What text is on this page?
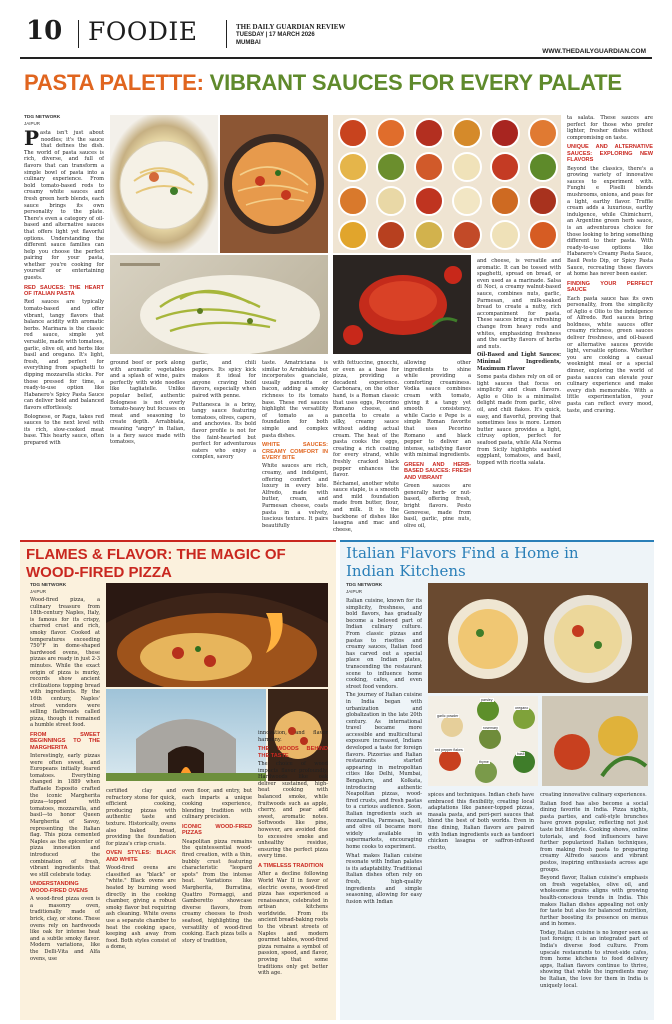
10 FOODIE	THE DAILY GUARDIAN REVIEW
TUESDAY | 17 MARCH 2026
MUMBAI
WWW.THEDAILYGUARDIAN.COM
PASTA PALETTE: VIBRANT SAUCES FOR EVERY PALATE
TDG NETWORK
JAIPUR
P asta isn't just about noodles; it's the sauce that defines the dish. The world of pasta sauces is rich, diverse, and full of flavors that can transform a simple bowl of pasta into a culinary experience. From bold tomato-based reds to creamy white sauces and fresh green herb blends, each sauce brings its own personality to the plate. There's even a category of oil-based and alternative sauces that offers light yet flavorful options. Understanding the different sauce families can help you choose the perfect pairing for your pasta, whether you're cooking for yourself or entertaining guests.

RED SAUCES: THE HEART OF ITALIAN PASTA

Red sauces are typically tomato-based and offer vibrant, tangy flavors that balance acidity with aromatic herbs. Marinara is the classic red sauce, simple yet versatile, made with tomatoes, garlic, olive oil, and herbs like basil and oregano. It's light, fresh, and perfect for everything from spaghetti to dipping mozzarella sticks. For those pressed for time, a ready-to-use option like Habanero's Spicy Pasta Sauce can deliver bold and balanced flavors effortlessly.

Bolognese, or Ragu, takes red sauces to the next level with its rich, slow-cooked meat base. This hearty sauce, often prepared with

ground beef or pork along with aromatic vegetables and a splash of wine, pairs perfectly with wide noodles like tagliatelle. Unlike popular belief, authentic Bolognese is not overly tomato-heavy but focuses on meat and seasoning to create depth. Arrabbiata, meaning "angry" in Italian, is a fiery sauce made with tomatoes,

garlic, and chili peppers. Its spicy kick makes it ideal for anyone craving bold flavors, especially when paired with penne.

Puttanesca is a briny, tangy sauce featuring tomatoes, olives, capers, and anchovies. Its bold flavor profile is not for the faint-hearted but perfect for adventurous eaters who enjoy a complex, savory

taste. Amatriciana is similar to Arrabbiata but incorporates guanciale, usually pancetta or bacon, adding a smoky richness to its tomato base. These red sauces highlight the versatility of tomato as a foundation for both simple and complex pasta dishes.

WHITE SAUCES: CREAMY COMFORT IN EVERY BITE

White sauces are rich, creamy, and indulgent, offering comfort and luxury in every bite. Alfredo, made with butter, cream, and Parmesan cheese, coats pasta in a velvety, luscious texture. It pairs beautifully

with fettuccine, gnocchi, or even as a base for pizza, providing a decadent experience. Carbonara, on the other hand, is a Roman classic that uses eggs, Pecorino Romano cheese, and pancetta to create a silky, creamy sauce without adding actual cream. The heat of the pasta cooks the eggs, creating a rich coating for every strand, while freshly cracked black pepper enhances the flavor.

Béchamel, another white sauce staple, is a smooth and mild foundation made from butter, flour, and milk. It is the backbone of dishes like lasagna and mac and cheese,

allowing other ingredients to shine while providing a comforting creaminess. Vodka sauce combines cream with tomato, giving it a tangy yet smooth consistency, while Cacio e Pepe is a simple Roman favorite that uses Pecorino Romano and black pepper to deliver an intense, satisfying flavor with minimal ingredients.

GREEN AND HERB-BASED SAUCES: FRESH AND VIBRANT

Green sauces are generally herb- or nut-based, offering fresh, bright flavors. Pesto Genovese, made from basil, garlic, pine nuts, olive oil,

and cheese, is versatile and aromatic. It can be tossed with spaghetti, spread on bread, or even used as a marinade. Salsa di Noci, a creamy walnut-based sauce, combines nuts, garlic, Parmesan, and milk-soaked bread to create a nutty, rich accompaniment for pasta. These sauces bring a refreshing change from heavy reds and whites, emphasizing freshness and the earthy flavors of herbs and nuts.

Oil-Based and Light Sauces: Minimal Ingredients, Maximum Flavor

Some pasta dishes rely on oil or light sauces that focus on simplicity and clean flavors. Aglio e Olio is a minimalist delight made from garlic, olive oil, and chili flakes. It's quick, easy, and flavorful, proving that sometimes less is more. Lemon butter sauce provides a light, citrusy option, perfect for seafood pasta, while Alla Norma from Sicily highlights sautéed eggplant, tomatoes, and basil, topped with ricotta salata.

ta salata. These sauces are perfect for those who prefer lighter, fresher dishes without compromising on taste.

UNIQUE AND ALTERNATIVE SAUCES: EXPLORING NEW FLAVORS

Beyond the classics, there's a growing variety of innovative sauces to experiment with. Funghi e Piselli blends mushrooms, onions, and peas for a light, earthy flavor. Truffle cream adds a luxurious, earthy indulgence, while Chimichurri, an Argentine green herb sauce, is an adventurous choice for those looking to bring something different to their pasta. With ready-to-use options like Habanero's Creamy Pasta Sauce, Basil Pesto Dip, or Spicy Pasta Sauce, recreating these flavors at home has never been easier.

FINDING YOUR PERFECT SAUCE

Each pasta sauce has its own personality, from the simplicity of Aglio e Olio to the indulgence of Alfredo. Red sauces bring boldness, white sauces offer creamy richness, green sauces deliver freshness, and oil-based or alternative sauces provide light, versatile options. Whether you are cooking a casual weeknight meal or a special dinner, exploring the world of pasta sauces can elevate your culinary experience and make every dish memorable. With a little experimentation, your pasta can reflect every mood, taste, and craving.

FLAMES & FLAVOR: THE MAGIC OF WOOD-FIRED PIZZA
TDG NETWORK
JAIPUR

Wood-fired pizza, a culinary treasure from 18th-century Naples, Italy, is famous for its crispy, charred crust and rich, smoky flavor. Cooked at temperatures exceeding 750°F in dome-shaped hardwood ovens, these pizzas are ready in just 2-3 minutes. While the exact origin of pizza is murky, records show ancient civilizations topping bread with ingredients. By the 16th century, Naples' street vendors were selling flatbreads called pizza, though it remained a humble street food.

FROM SWEET BEGINNINGS TO THE MARGHERITA

Interestingly, early pizzas were often sweet, and Europeans initially feared tomatoes. Everything changed in 1889 when Raffaele Esposito crafted the iconic Margherita pizza—topped with tomatoes, mozzarella, and basil—to honor Queen Margherita of Savoy, representing the Italian flag. This pizza cemented Naples as the epicenter of pizza innovation and introduced the combination of fresh, vibrant ingredients that we still celebrate today.

UNDERSTANDING WOOD-FIRED OVENS

A wood-fired pizza oven is a masonry oven, traditionally made of brick, clay, or stone. These ovens rely on hardwoods like oak for intense heat and a subtle smoky flavor. Modern variations, like the Delli-Vita and Alfa ovens, use

certified clay and refractory stone for quick, efficient cooking, producing pizzas with authentic taste and texture. Historically, ovens also baked bread, providing the foundation for pizza's crisp crusts.

OVEN STYLES: BLACK AND WHITE

Wood-fired ovens are classified as "black" or "white." Black ovens are heated by burning wood directly in the cooking chamber, giving a robust smoky flavor but requiring ash cleaning. White ovens use a separate chamber to heat the cooking space, keeping ash away from food. Both styles consist of a dome,

oven floor, and entry, but each imparts a unique cooking experience, blending tradition with culinary precision.

ICONIC WOOD-FIRED PIZZAS

Neapolitan pizza remains the quintessential wood-fired creation, with a thin, bubbly crust featuring characteristic "leopard spots" from the intense heat. Variations like Margherita, Burratina, Quattro Formaggi, and Gamberetto showcase diverse flavors, from creamy cheeses to fresh seafood, highlighting the versatility of wood-fired cooking. Each pizza tells a story of tradition,

innovation, and flavor harmony.

THE WOODS BEHIND THE TASTE

The choice of wood impacts flavor profoundly. Hardwoods like oak deliver sustained, high-heat cooking with balanced smoke, while fruitwoods such as apple, cherry, and pear add sweet, aromatic notes. Softwoods like pine, however, are avoided due to excessive smoke and unhealthy residue, ensuring the perfect pizza every time.

A TIMELESS TRADITION

After a decline following World War II in favor of electric ovens, wood-fired pizza has experienced a renaissance, celebrated in artisan kitchens worldwide. From its ancient bread-baking roots to the vibrant streets of Naples and modern gourmet tables, wood-fired pizza remains a symbol of passion, speed, and flavor, proving that some traditions only get better with age.

Italian Flavors Find a Home in Indian Kitchens
TDG NETWORK
JAIPUR

Italian cuisine, known for its simplicity, freshness, and bold flavors, has gradually become a beloved part of Indian culinary culture. From classic pizzas and pastas to risottos and creamy sauces, Italian food has carved out a special place on Indian plates, transcending the restaurant scene to influence home cooking, cafes, and even street food vendors.

The journey of Italian cuisine in India began with urbanization and globalization in the late 20th century. As international travel became more accessible and multicultural exposure increased, Indians developed a taste for foreign flavors. Pizzerias and Italian restaurants started appearing in metropolitan cities like Delhi, Mumbai, Bengaluru, and Kolkata, introducing authentic Neapolitan pizzas, wood-fired crusts, and fresh pastas to a curious audience. Soon, Italian ingredients such as mozzarella, Parmesan, basil, and olive oil became more widely available in supermarkets, encouraging home cooks to experiment.

What makes Italian cuisine resonate with Indian palates is its adaptability. Traditional Italian dishes often rely on fresh, high-quality ingredients and simple seasoning, allowing for easy fusion with Indian

parsley
oregano
garlic powder
rosemary
red pepper flakes
basil
thyme

spices and techniques. Indian chefs have embraced this flexibility, creating local adaptations like paneer-topped pizzas, masala pasta, and peri-peri sauces that blend the best of both worlds. Even in fine dining, Italian flavors are paired with Indian ingredients such as tandoori chicken lasagna or saffron-infused risotto,

creating innovative culinary experiences.

Italian food has also become a social dining favorite in India. Pizza nights, pasta parties, and café-style brunches have grown popular, reflecting not just taste but lifestyle. Cooking shows, online tutorials, and food influencers have further popularized Italian techniques, from making fresh pasta to preparing creamy Alfredo sauces and vibrant pestos, inspiring enthusiasts across age groups.

Beyond flavor, Italian cuisine's emphasis on fresh vegetables, olive oil, and wholesome grains aligns with growing health-conscious trends in India. This makes Italian dishes appealing not only for taste but also for balanced nutrition, further boosting its presence on menus and in homes.

Today, Italian cuisine is no longer seen as just foreign; it is an integrated part of India's diverse food culture. From upscale restaurants to street-side cafes, from home kitchens to food delivery apps, Italian flavors continue to thrive, showing that while the ingredients may be Italian, the love for them in India is uniquely local.
